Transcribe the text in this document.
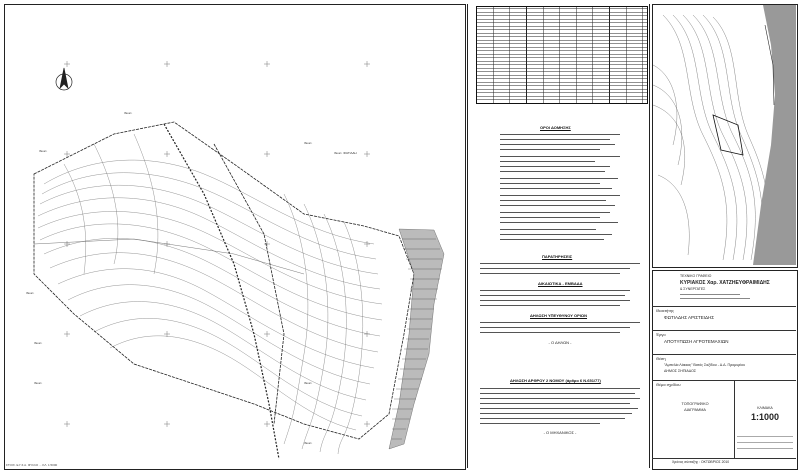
Ιδιοκτ.
Ιδιοκτ.
Ιδιοκτ.
Ιδιοκτ. ΦΩΤΙΑΔΗ
Ιδιοκτ.
Ιδιοκτ.
Ιδιοκτ.	Ιδιοκτ.
Ιδιοκτ.
ΣΤΟΙΧ. Ε.Γ.Σ.Α. ΦΥΛΛΟ ... ΚΛ. 1:5000
ΟΡΟΙ ΔΟΜΗΣΗΣ
ΠΑΡΑΤΗΡΗΣΕΙΣ
ΔΙΚΑΙΩΤΙΚΑ - ΕΜΒΑΔΑ
ΔΗΛΩΣΗ ΥΠΕΥΘΥΝΟΥ ΟΡΙΩΝ
- Ο ΔΗΛΩΝ -
ΔΗΛΩΣΗ ΑΡΘΡΟΥ 2 ΝΟΜΟΥ (άρθρο 6 Ν.651/77)
- Ο ΜΗΧΑΝΙΚΟΣ -
ΤΕΧΝΙΚΟ ΓΡΑΦΕΙΟ
ΚΥΡΙΑΚΟΣ Χαρ. ΧΑΤΖΗΕΥΦΡΑΙΜΙΔΗΣ
& ΣΥΝΕΡΓΑΤΕΣ
Ιδιοκτήτης
ΦΩΤΙΑΔΗΣ ΑΡΙΣΤΕΙΔΗΣ
Έργο
ΑΠΟΤΥΠΩΣΗ ΑΓΡΟΤΕΜΑΧΙΩΝ
Θέση
"Αμπελία Λάκκας" Βατός Σαξίδου - Δ.Δ. Προμυρίου
ΔΗΜΟΣ ΣΗΠΙΑΔΟΣ
Θέμα σχεδίου
ΤΟΠΟΓΡΑΦΙΚΟ
ΔΙΑΓΡΑΜΜΑ	ΚΛΙΜΑΚΑ
1:1000
Χρόνος σύνταξης : ΟΚΤΩΒΡΙΟΣ 2010
